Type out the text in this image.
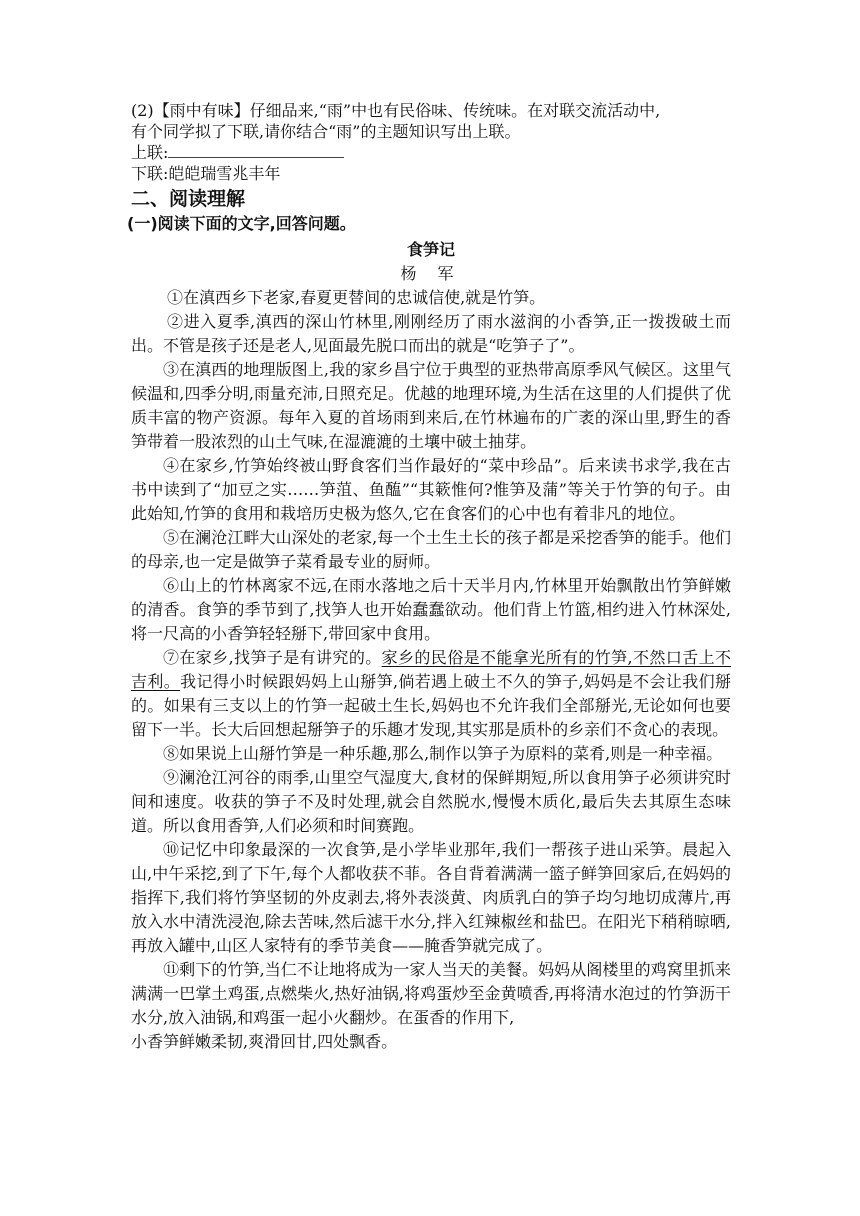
(2)【雨中有味】仔细品来,“雨”中也有民俗味、传统味。在对联交流活动中,
有个同学拟了下联,请你结合“雨”的主题知识写出上联。
上联:
下联:皑皑瑞雪兆丰年
二、阅读理解
(一)阅读下面的文字,回答问题。
食笋记
杨 军

①在滇西乡下老家,春夏更替间的忠诚信使,就是竹笋。

②进入夏季,滇西的深山竹林里,刚刚经历了雨水滋润的小香笋,正一拨拨破土而出。不管是孩子还是老人,见面最先脱口而出的就是“吃笋子了”。

③在滇西的地理版图上,我的家乡昌宁位于典型的亚热带高原季风气候区。这里气候温和,四季分明,雨量充沛,日照充足。优越的地理环境,为生活在这里的人们提供了优质丰富的物产资源。每年入夏的首场雨到来后,在竹林遍布的广袤的深山里,野生的香笋带着一股浓烈的山土气味,在湿漉漉的土壤中破土抽芽。

④在家乡,竹笋始终被山野食客们当作最好的“菜中珍品”。后来读书求学,我在古书中读到了“加豆之实……笋菹、鱼醢”“其簌惟何?惟笋及蒲”等关于竹笋的句子。由此始知,竹笋的食用和栽培历史极为悠久,它在食客们的心中也有着非凡的地位。

⑤在澜沧江畔大山深处的老家,每一个土生土长的孩子都是采挖香笋的能手。他们的母亲,也一定是做笋子菜肴最专业的厨师。

⑥山上的竹林离家不远,在雨水落地之后十天半月内,竹林里开始飘散出竹笋鲜嫩的清香。食笋的季节到了,找笋人也开始蠢蠢欲动。他们背上竹篮,相约进入竹林深处,将一尺高的小香笋轻轻掰下,带回家中食用。

⑦在家乡,找笋子是有讲究的。家乡的民俗是不能拿光所有的竹笋,不然口舌上不吉利。我记得小时候跟妈妈上山掰笋,倘若遇上破土不久的笋子,妈妈是不会让我们掰的。如果有三支以上的竹笋一起破土生长,妈妈也不允许我们全部掰光,无论如何也要留下一半。长大后回想起掰笋子的乐趣才发现,其实那是质朴的乡亲们不贪心的表现。

⑧如果说上山掰竹笋是一种乐趣,那么,制作以笋子为原料的菜肴,则是一种幸福。

⑨澜沧江河谷的雨季,山里空气湿度大,食材的保鲜期短,所以食用笋子必须讲究时间和速度。收获的笋子不及时处理,就会自然脱水,慢慢木质化,最后失去其原生态味道。所以食用香笋,人们必须和时间赛跑。

⑩记忆中印象最深的一次食笋,是小学毕业那年,我们一帮孩子进山采笋。晨起入山,中午采挖,到了下午,每个人都收获不菲。各自背着满满一篮子鲜笋回家后,在妈妈的指挥下,我们将竹笋坚韧的外皮剥去,将外表淡黄、肉质乳白的笋子均匀地切成薄片,再放入水中清洗浸泡,除去苦味,然后滤干水分,拌入红辣椒丝和盐巴。在阳光下稍稍晾晒,再放入罐中,山区人家特有的季节美食——腌香笋就完成了。

⑪剩下的竹笋,当仁不让地将成为一家人当天的美餐。妈妈从阁楼里的鸡窝里抓来满满一巴掌土鸡蛋,点燃柴火,热好油锅,将鸡蛋炒至金黄喷香,再将清水泡过的竹笋沥干水分,放入油锅,和鸡蛋一起小火翻炒。在蛋香的作用下,

小香笋鲜嫩柔韧,爽滑回甘,四处飘香。
